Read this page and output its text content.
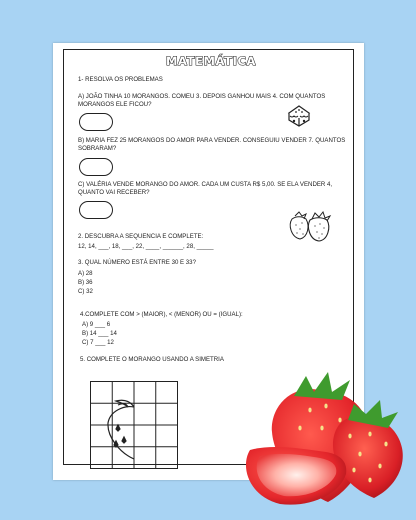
MATEMÁTICA
1- RESOLVA OS PROBLEMAS
A) JOÃO TINHA 10 MORANGOS. COMEU 3. DEPOIS GANHOU MAIS 4. COM QUANTOS
MORANGOS ELE FICOU?
B) MARIA FEZ 25 MORANGOS DO AMOR PARA VENDER. CONSEGUIU VENDER 7. QUANTOS
SOBRARAM?
C) VALÉRIA VENDE MORANGO DO AMOR. CADA UM CUSTA R$ 5,00. SE ELA VENDER 4,
QUANTO VAI RECEBER?
2. DESCUBRA A SEQUENCIA E COMPLETE:
12, 14, ___, 18, ___, 22, ____, ______, 28, _____
3. QUAL NÚMERO ESTÁ ENTRE 30 E 33?
A) 28
B) 36
C) 32
4.COMPLETE COM > (MAIOR), < (MENOR) OU = (IGUAL):
A) 9 ___ 6
B) 14 ___ 14
C) 7 ___ 12
5. COMPLETE O MORANGO USANDO A SIMETRIA
